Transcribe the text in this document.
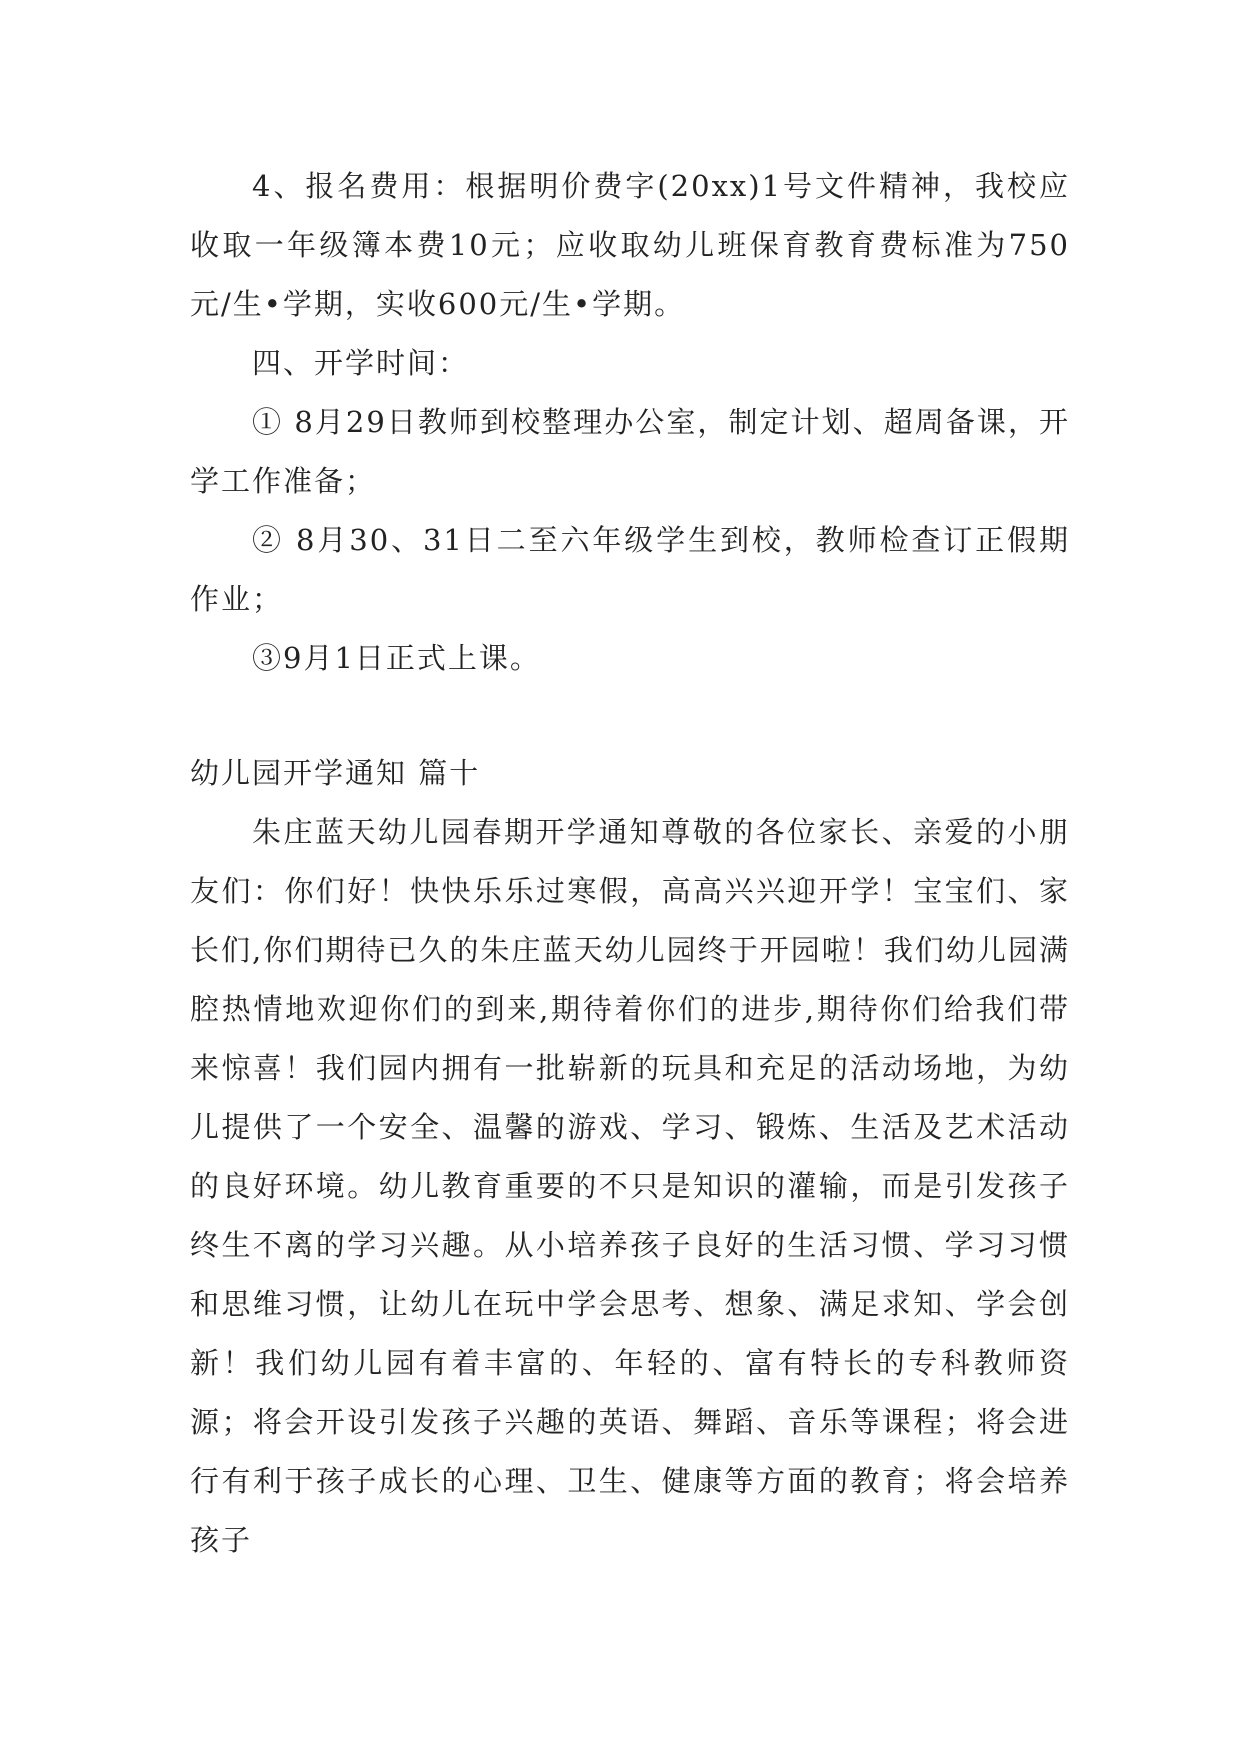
4、报名费用：根据明价费字(20xx)1号文件精神，我校应收取一年级簿本费10元；应收取幼儿班保育教育费标准为750元/生•学期，实收600元/生•学期。

四、开学时间：

① 8月29日教师到校整理办公室，制定计划、超周备课，开学工作准备；

② 8月30、31日二至六年级学生到校，教师检查订正假期作业；

③9月1日正式上课。

幼儿园开学通知 篇十

朱庄蓝天幼儿园春期开学通知尊敬的各位家长、亲爱的小朋友们：你们好！快快乐乐过寒假，高高兴兴迎开学！宝宝们、家长们,你们期待已久的朱庄蓝天幼儿园终于开园啦！我们幼儿园满腔热情地欢迎你们的到来,期待着你们的进步,期待你们给我们带来惊喜！我们园内拥有一批崭新的玩具和充足的活动场地，为幼儿提供了一个安全、温馨的游戏、学习、锻炼、生活及艺术活动的良好环境。幼儿教育重要的不只是知识的灌输，而是引发孩子终生不离的学习兴趣。从小培养孩子良好的生活习惯、学习习惯和思维习惯，让幼儿在玩中学会思考、想象、满足求知、学会创新！我们幼儿园有着丰富的、年轻的、富有特长的专科教师资源；将会开设引发孩子兴趣的英语、舞蹈、音乐等课程；将会进行有利于孩子成长的心理、卫生、健康等方面的教育；将会培养孩子
